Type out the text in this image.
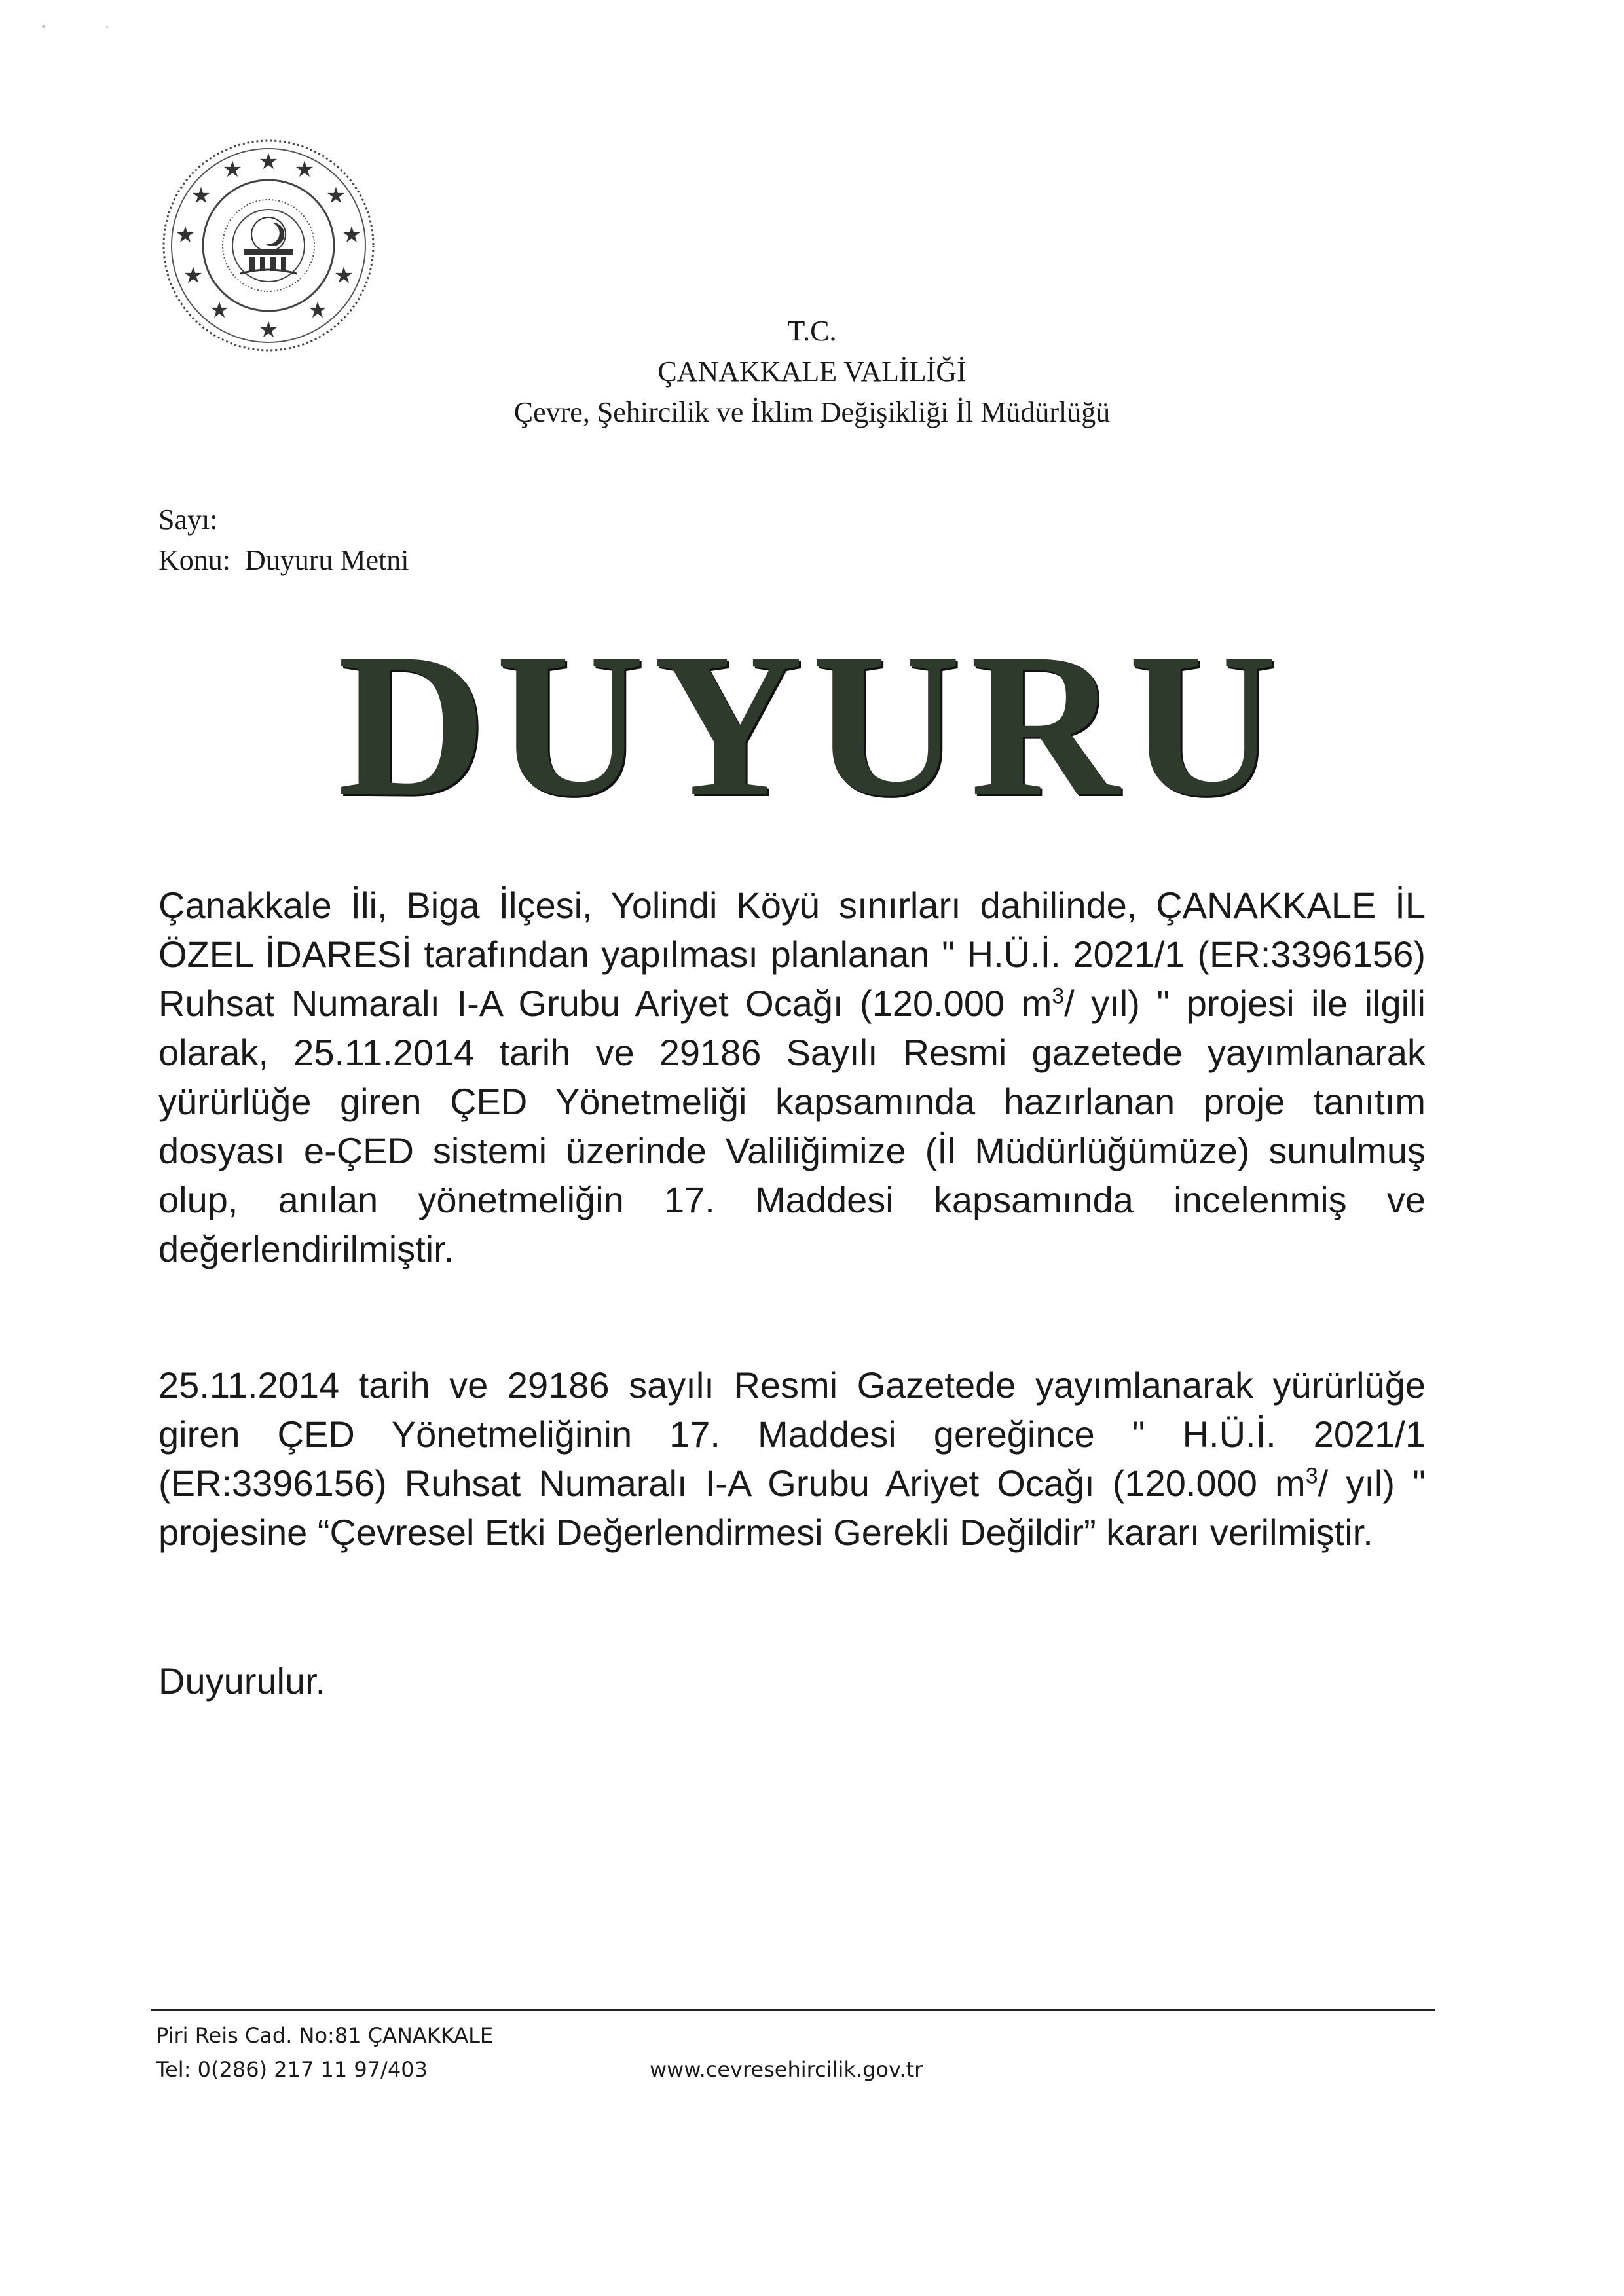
★
★ ★
★	★
★	★
★	★
★	★
★	T.C.
ÇANAKKALE VALİLİĞİ
Çevre, Şehircilik ve İklim Değişikliği İl Müdürlüğü
Sayı:
Konu: Duyuru Metni
DUYURU
Çanakkale İli, Biga İlçesi, Yolindi Köyü sınırları dahilinde, ÇANAKKALE İL ÖZEL İDARESİ tarafından yapılması planlanan " H.Ü.İ. 2021/1 (ER:3396156) Ruhsat Numaralı I-A Grubu Ariyet Ocağı (120.000 $m^3/$ yıl) " projesi ile ilgili olarak, 25.11.2014 tarih ve 29186 Sayılı Resmi gazetede yayımlanarak yürürlüğe giren ÇED Yönetmeliği kapsamında hazırlanan proje tanıtım dosyası e-ÇED sistemi üzerinde Valiliğimize (İl Müdürlüğümüze) sunulmuş olup, anılan yönetmeliğin 17. Maddesi kapsamında incelenmiş ve değerlendirilmiştir.
25.11.2014 tarih ve 29186 sayılı Resmi Gazetede yayımlanarak yürürlüğe giren ÇED Yönetmeliğinin 17. Maddesi gereğince " H.Ü.İ. 2021/1 (ER:3396156) Ruhsat Numaralı I-A Grubu Ariyet Ocağı (120.000 $m^3/$ yıl) " projesine “Çevresel Etki Değerlendirmesi Gerekli Değildir” kararı verilmiştir.
Duyurulur.
Piri Reis Cad. No:81 ÇANAKKALE
Tel: 0(286) 217 11 97/403	www.cevresehircilik.gov.tr
